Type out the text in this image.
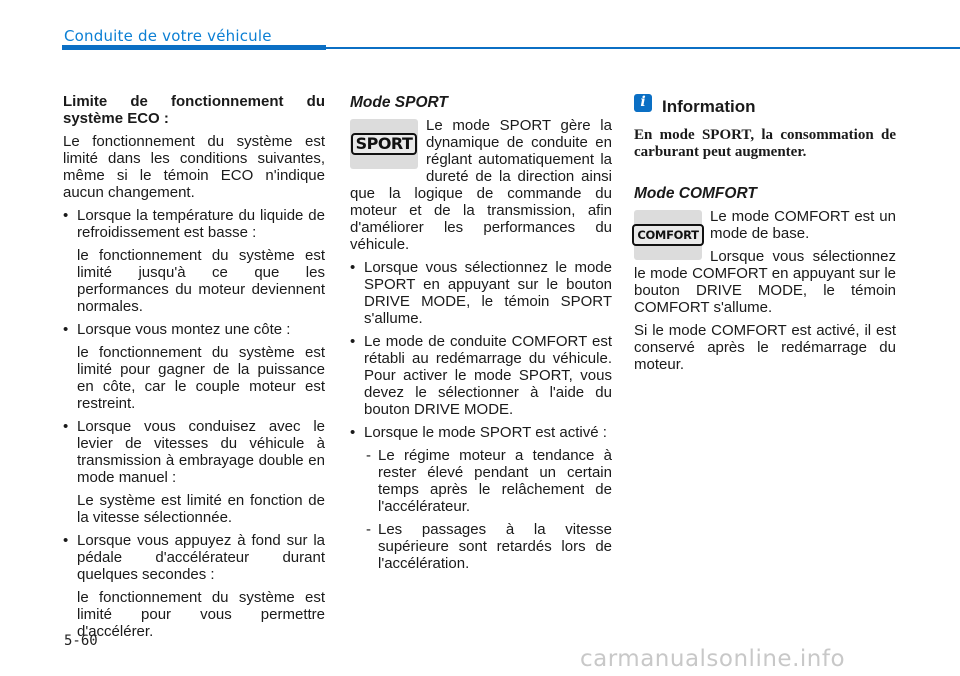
Conduite de votre véhicule

Limite de fonctionnement du système ECO :

Le fonctionnement du système est limité dans les conditions suivantes, même si le témoin ECO n'indique aucun changement.

• Lorsque la température du liquide de refroidissement est basse :
le fonctionnement du système est limité jusqu'à ce que les performances du moteur deviennent normales.
• Lorsque vous montez une côte :
le fonctionnement du système est limité pour gagner de la puissance en côte, car le couple moteur est restreint.
• Lorsque vous conduisez avec le levier de vitesses du véhicule à transmission à embrayage double en mode manuel :
Le système est limité en fonction de la vitesse sélectionnée.
• Lorsque vous appuyez à fond sur la pédale d'accélérateur durant quelques secondes :
le fonctionnement du système est limité pour vous permettre d'accélérer.

Mode SPORT

SPORT

Le mode SPORT gère la dynamique de conduite en réglant automatiquement la dureté de la direction ainsi que la logique de commande du moteur et de la transmission, afin d'améliorer les performances du véhicule.

• Lorsque vous sélectionnez le mode SPORT en appuyant sur le bouton DRIVE MODE, le témoin SPORT s'allume.
• Le mode de conduite COMFORT est rétabli au redémarrage du véhicule. Pour activer le mode SPORT, vous devez le sélectionner à l'aide du bouton DRIVE MODE.
• Lorsque le mode SPORT est activé :
- Le régime moteur a tendance à rester élevé pendant un certain temps après le relâchement de l'accélérateur.
- Les passages à la vitesse supérieure sont retardés lors de l'accélération.
i Information

En mode SPORT, la consommation de carburant peut augmenter.

Mode COMFORT

COMFORT

Le mode COMFORT est un mode de base.

Lorsque vous sélectionnez le mode COMFORT en appuyant sur le bouton DRIVE MODE, le témoin COMFORT s'allume.

Si le mode COMFORT est activé, il est conservé après le redémarrage du moteur.

5-60
carmanualsonline.info
